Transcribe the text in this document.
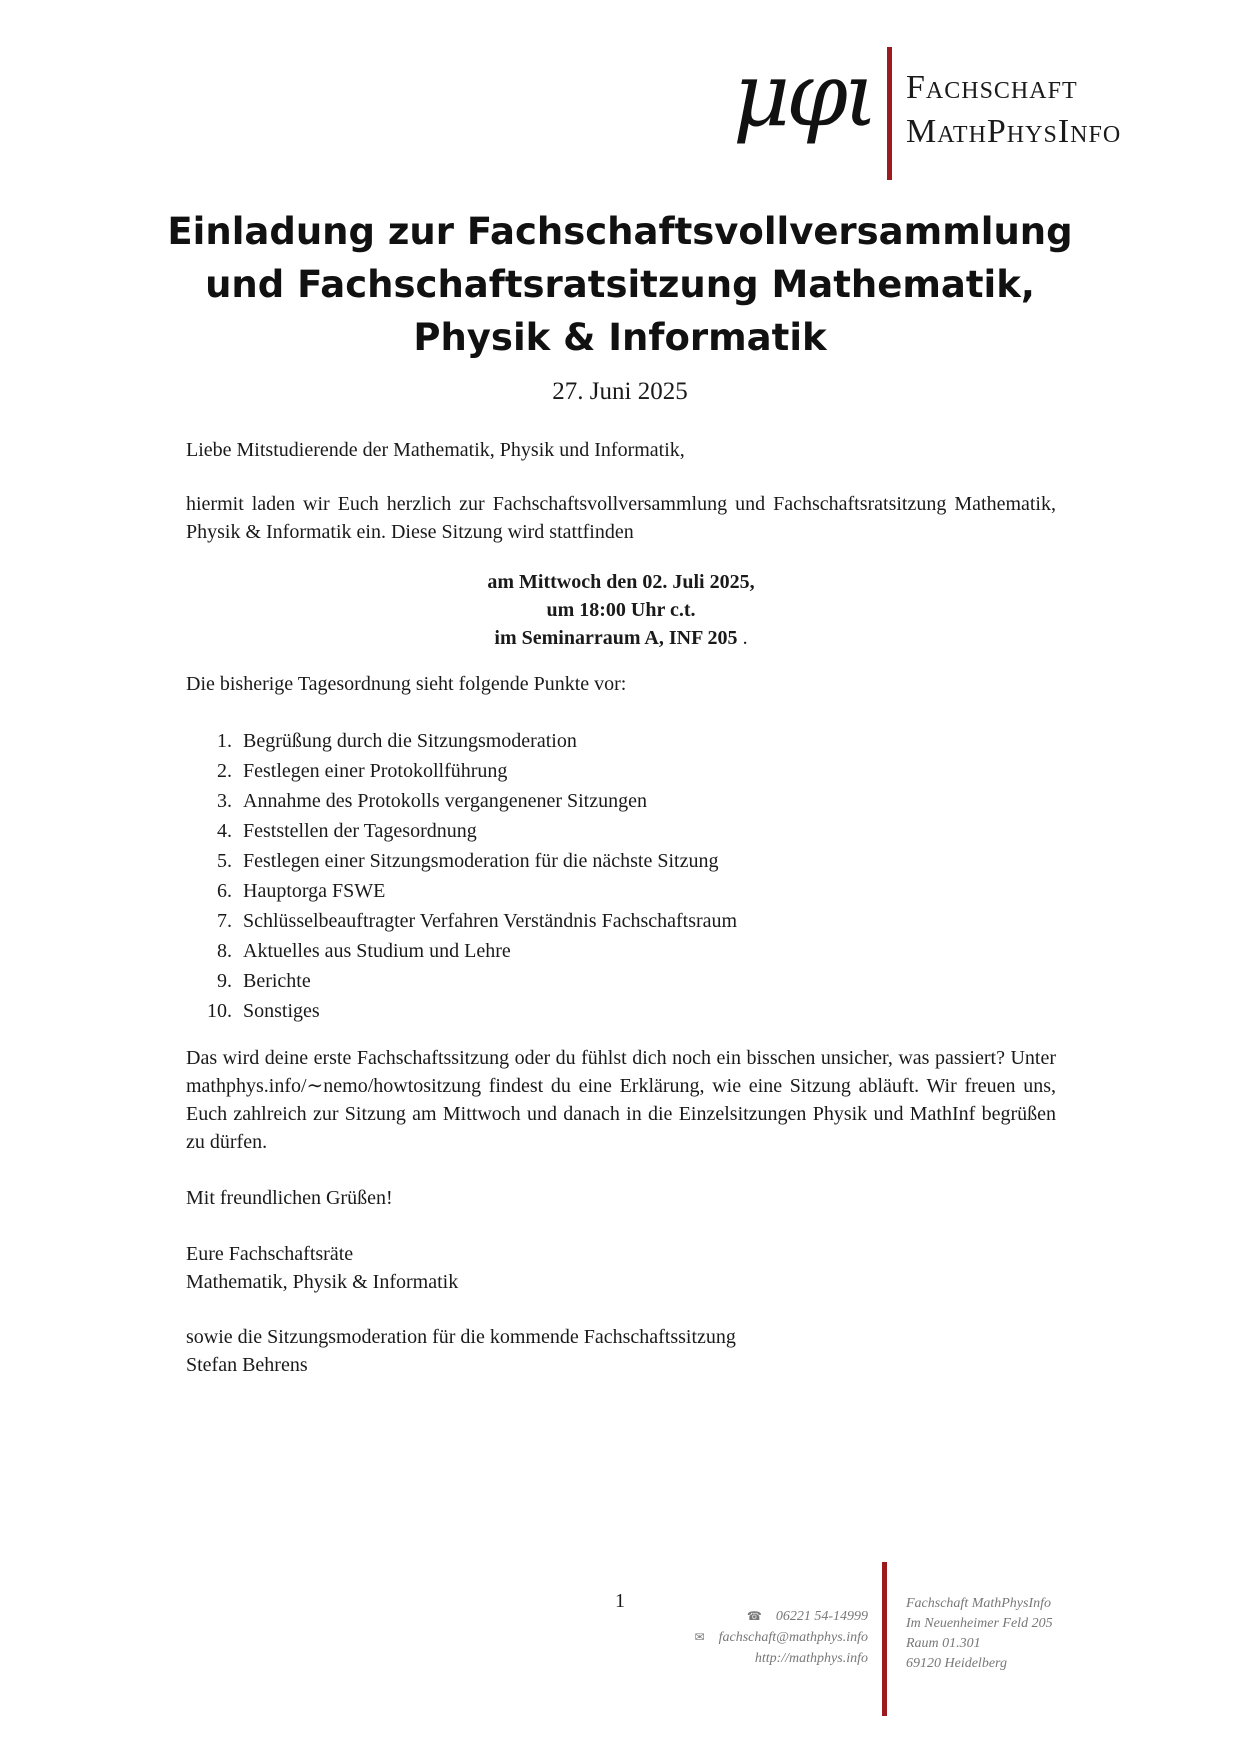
μφι Fachschaft
MathPhysInfo
Einladung zur Fachschaftsvollversammlung
und Fachschaftsratsitzung Mathematik,
Physik & Informatik
27. Juni 2025
Liebe Mitstudierende der Mathematik, Physik und Informatik,
hiermit laden wir Euch herzlich zur Fachschaftsvollversammlung und Fachschaftsratsitzung Mathematik, Physik & Informatik ein. Diese Sitzung wird stattfinden
am Mittwoch den 02. Juli 2025,
um 18:00 Uhr c.t.
im Seminarraum A, INF 205 .
Die bisherige Tagesordnung sieht folgende Punkte vor:
1. Begrüßung durch die Sitzungsmoderation
2. Festlegen einer Protokollführung
3. Annahme des Protokolls vergangenener Sitzungen
4. Feststellen der Tagesordnung
5. Festlegen einer Sitzungsmoderation für die nächste Sitzung
6. Hauptorga FSWE
7. Schlüsselbeauftragter Verfahren Verständnis Fachschaftsraum
8. Aktuelles aus Studium und Lehre
9. Berichte
10. Sonstiges
Das wird deine erste Fachschaftssitzung oder du fühlst dich noch ein bisschen unsicher, was passiert? Unter mathphys.info/∼nemo/howtositzung findest du eine Erklärung, wie eine Sitzung abläuft. Wir freuen uns, Euch zahlreich zur Sitzung am Mittwoch und danach in die Einzelsitzungen Physik und MathInf begrüßen zu dürfen.
Mit freundlichen Grüßen!
Eure Fachschaftsräte
Mathematik, Physik & Informatik
sowie die Sitzungsmoderation für die kommende Fachschaftssitzung
Stefan Behrens
1
☎ 06221 54-14999
✉ fachschaft@mathphys.info
http://mathphys.info
Fachschaft MathPhysInfo
Im Neuenheimer Feld 205
Raum 01.301
69120 Heidelberg
